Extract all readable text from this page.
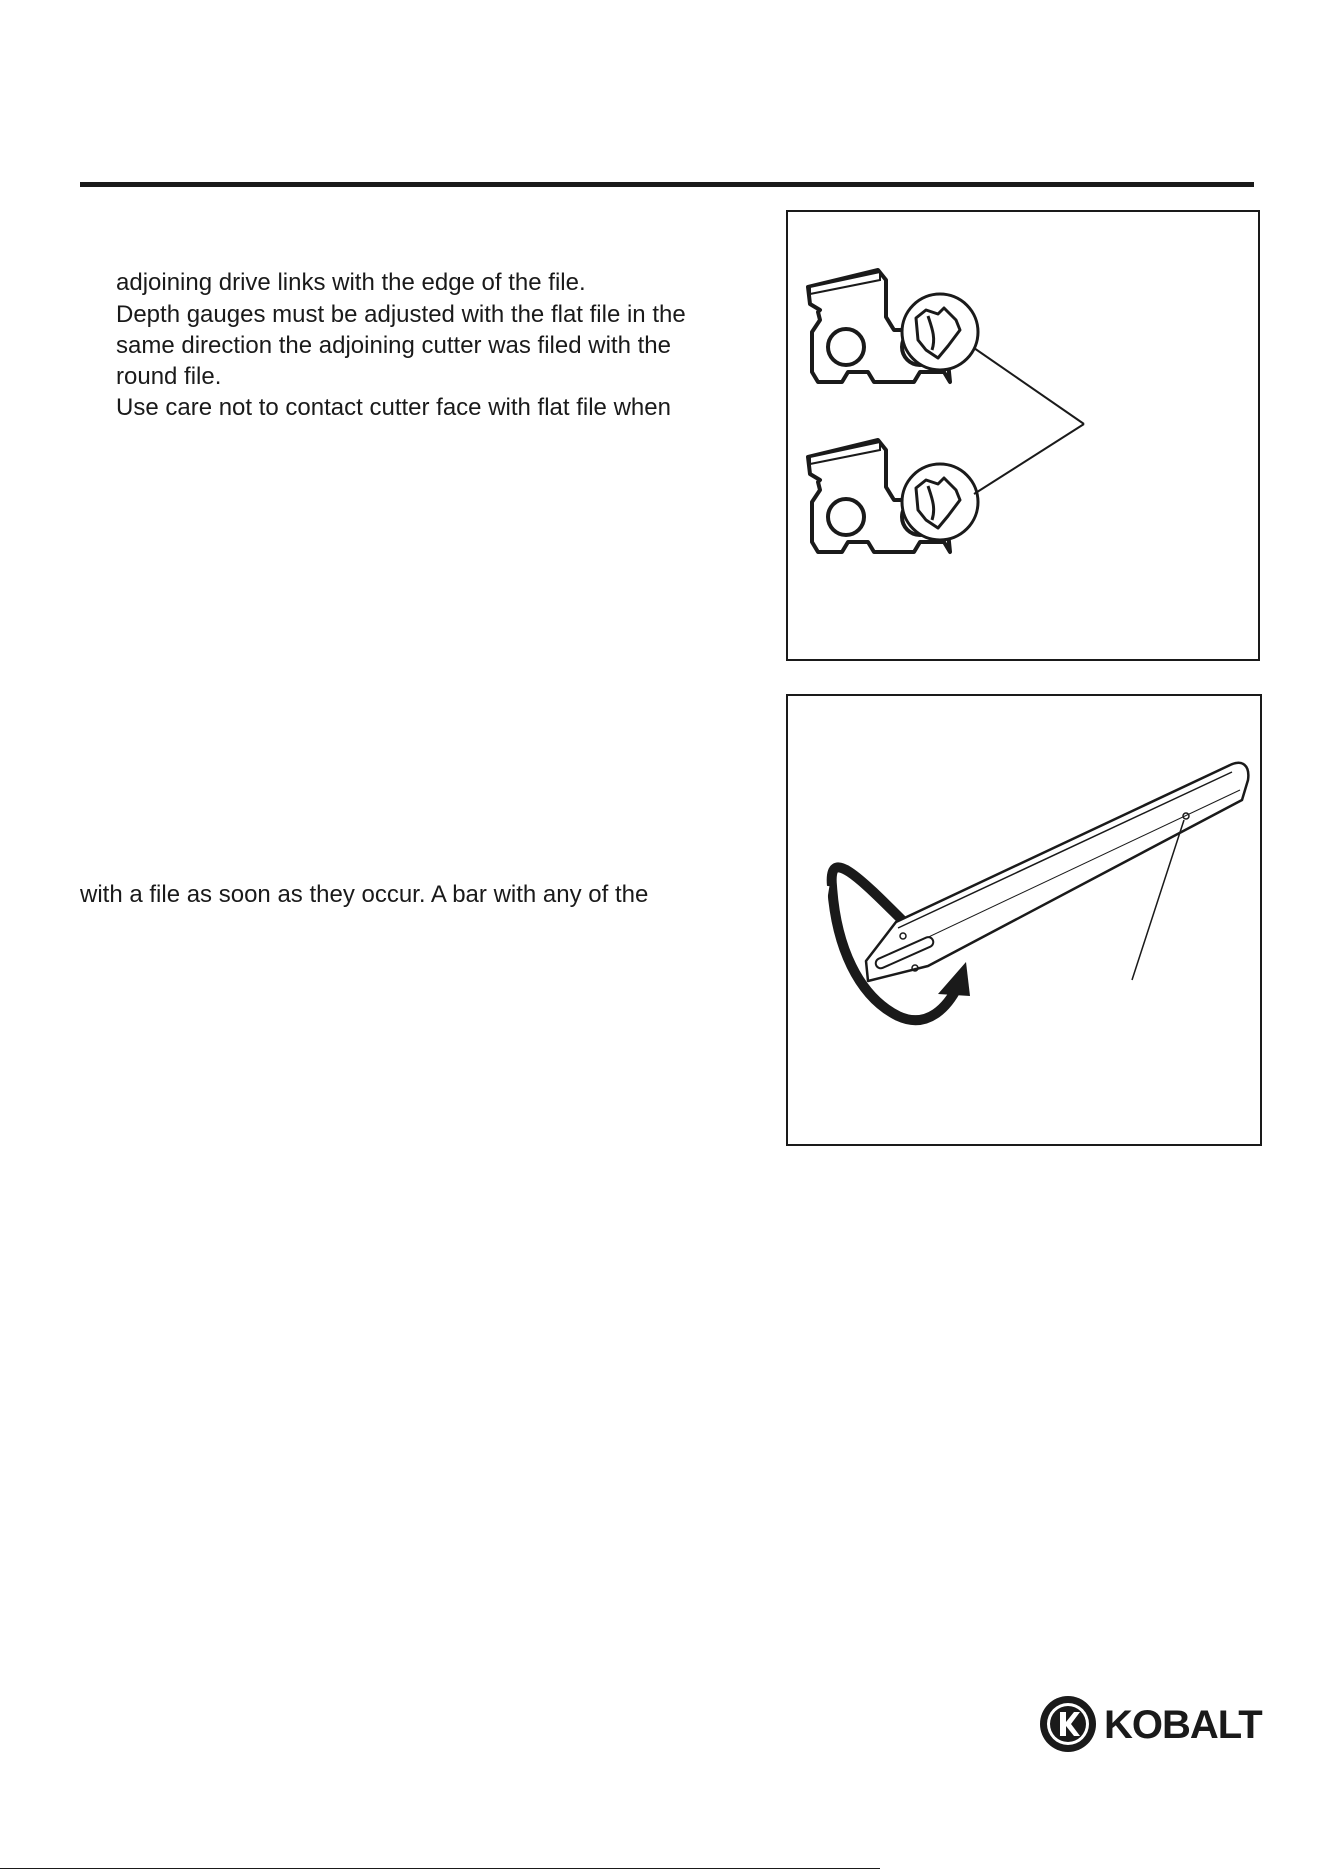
adjoining drive links with the edge of the file.
Depth gauges must be adjusted with the flat file in the
same direction the adjoining cutter was filed with the
round file.
Use care not to contact cutter face with flat file when
with a file as soon as they occur. A bar with any of the
KOBALT
